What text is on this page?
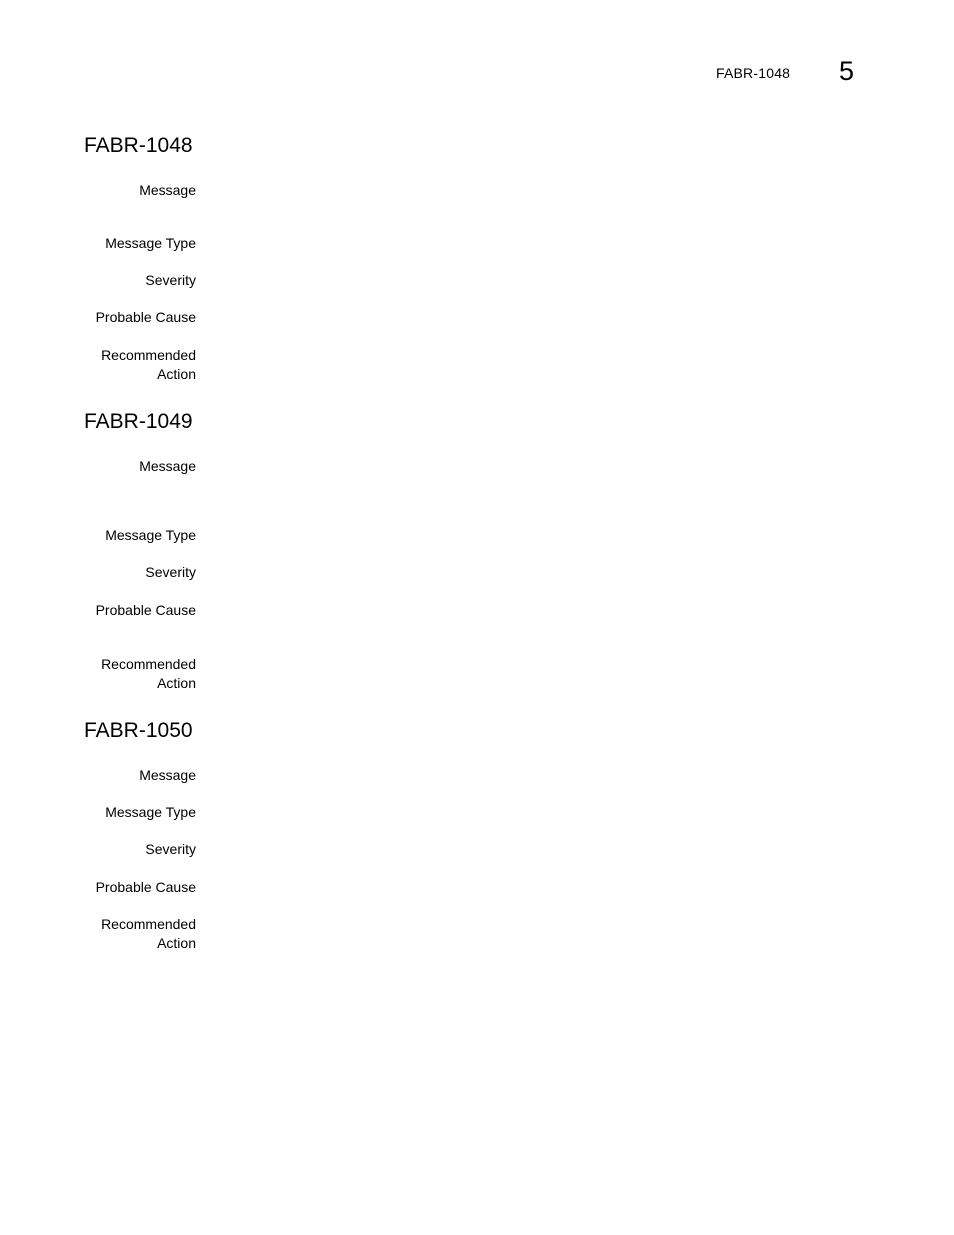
FABR-1048 5
FABR-1048
Message
Message Type
Severity
Probable Cause
Recommended
Action
FABR-1049
Message
Message Type
Severity
Probable Cause
Recommended
Action
FABR-1050
Message
Message Type
Severity
Probable Cause
Recommended
Action
